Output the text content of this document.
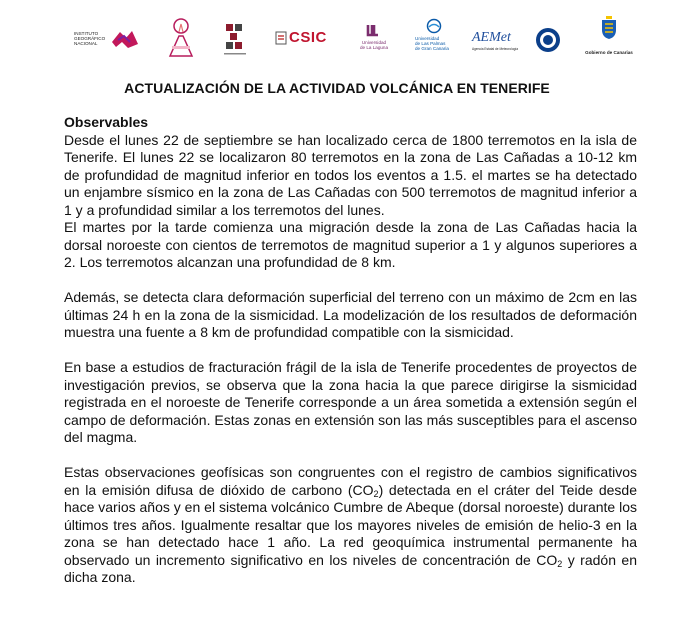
INSTITUTO
GEOGRÁFICO
NACIONAL	CSIC	Universidad
de La Laguna
Universidad
de Las Palmas
de Gran Canaria
AEMet
Agencia Estatal de Meteorología
Gobierno de Canarias
ACTUALIZACIÓN DE LA ACTIVIDAD VOLCÁNICA EN TENERIFE
Observables

Desde el lunes 22 de septiembre se han localizado cerca de 1800 terremotos en la isla de Tenerife. El lunes 22 se localizaron 80 terremotos en la zona de Las Cañadas a 10-12 km de profundidad de magnitud inferior en todos los eventos a 1.5. el martes se ha detectado un enjambre sísmico en la zona de Las Cañadas con 500 terremotos de magnitud inferior a 1 y a profundidad similar a los terremotos del lunes.

El martes por la tarde comienza una migración desde la zona de Las Cañadas hacia la dorsal noroeste con cientos de terremotos de magnitud superior a 1 y algunos superiores a 2. Los terremotos alcanzan una profundidad de 8 km.

Además, se detecta clara deformación superficial del terreno con un máximo de 2cm en las últimas 24 h en la zona de la sismicidad. La modelización de los resultados de deformación muestra una fuente a 8 km de profundidad compatible con la sismicidad.

En base a estudios de fracturación frágil de la isla de Tenerife procedentes de proyectos de investigación previos, se observa que la zona hacia la que parece dirigirse la sismicidad registrada en el noroeste de Tenerife corresponde a un área sometida a extensión según el campo de deformación. Estas zonas en extensión son las más susceptibles para el ascenso del magma.

Estas observaciones geofísicas son congruentes con el registro de cambios significativos en la emisión difusa de dióxido de carbono $(CO_2)$ detectada en el cráter del Teide desde hace varios años y en el sistema volcánico Cumbre de Abeque (dorsal noroeste) durante los últimos tres años. Igualmente resaltar que los mayores niveles de emisión de helio-3 en la zona se han detectado hace 1 año. La red geoquímica instrumental permanente ha observado un incremento significativo en los niveles de concentración de $CO_2$ y radón en dicha zona.
